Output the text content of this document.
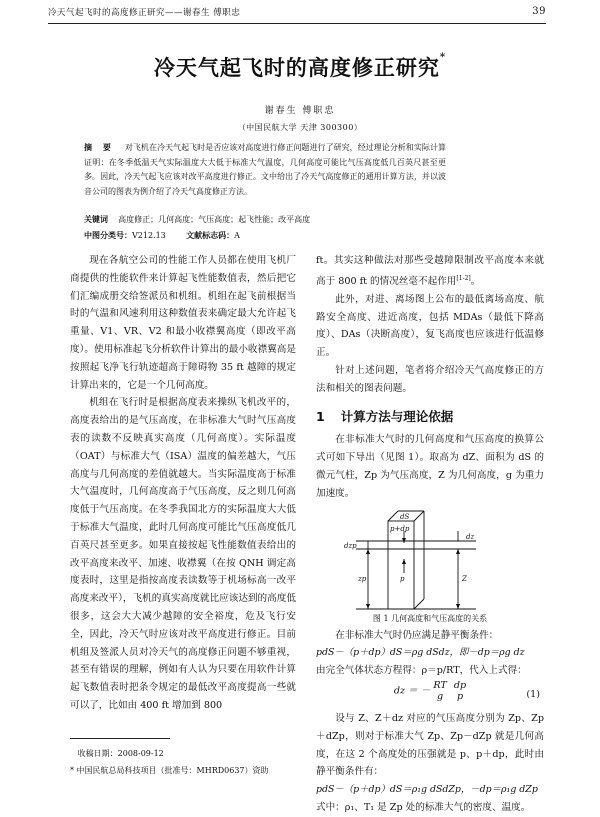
冷天气起飞时的高度修正研究——谢春生 傅职忠	39
冷天气起飞时的高度修正研究*
谢春生 傅职忠
（中国民航大学 天津 300300）
摘 要 对飞机在冷天气起飞时是否应该对高度进行修正问题进行了研究，经过理论分析和实际计算证明：在冬季低温天气实际温度大大低于标准大气温度，几何高度可能比气压高度低几百英尺甚至更多。因此，冷天气起飞应该对改平高度进行修正。文中给出了冷天气高度修正的通用计算方法，并以波音公司的图表为例介绍了冷天气高度修正方法。
关键词 高度修正；几何高度；气压高度；起飞性能；改平高度
中图分类号：V212.13	文献标志码：A

现在各航空公司的性能工作人员都在使用飞机厂商提供的性能软件来计算起飞性能数值表，然后把它们汇编成册交给签派员和机组。机组在起飞前根据当时的气温和风速利用这种数值表来确定最大允许起飞重量、V1、VR、V2 和最小收襟翼高度（即改平高度）。使用标准起飞分析软件计算出的最小收襟翼高是按照起飞净飞行轨迹超高于障碍物 35 ft 越障的规定计算出来的，它是一个几何高度。

机组在飞行时是根据高度表来操纵飞机改平的，高度表给出的是气压高度，在非标准大气时气压高度表的读数不反映真实高度（几何高度）。实际温度（OAT）与标准大气（ISA）温度的偏差越大，气压高度与几何高度的差值就越大。当实际温度高于标准大气温度时，几何高度高于气压高度，反之则几何高度低于气压高度。在冬季我国北方的实际温度大大低于标准大气温度，此时几何高度可能比气压高度低几百英尺甚至更多。如果直接按起飞性能数值表给出的改平高度来改平、加速、收襟翼（在按 QNH 调定高度表时，这里是指按高度表读数等于机场标高一改平高度来改平），飞机的真实高度就比应该达到的高度低很多，这会大大减少越障的安全裕度，危及飞行安全，因此，冷天气时应该对改平高度进行修正。目前机组及签派人员对冷天气的高度修正问题不够重视，甚至有错误的理解，例如有人认为只要在用软件计算起飞数值表时把条令规定的最低改平高度提高一些就可以了，比如由 400 ft 增加到 800

ft。其实这种做法对那些受越障限制改平高度本来就高于 800 ft 的情况丝毫不起作用[1-2]。

此外，对进、离场图上公布的最低离场高度、航路安全高度、进近高度，包括 MDAs（最低下降高度）、DAs（决断高度），复飞高度也应该进行低温修正。

针对上述问题，笔者将介绍冷天气高度修正的方法和相关的图表问题。

1 计算方法与理论依据

在非标准大气时的几何高度和气压高度的换算公式可如下导出（见图 1）。取高为 dZ、面积为 dS 的微元气柱，Zp 为气压高度，Z 为几何高度，g 为重力加速度。

dS
p+dp
dzp
dz
zp	p	Z
图 1 几何高度和气压高度的关系

在非标准大气时仍应满足静平衡条件：

pdS－（p＋dp）dS＝ρg dSdz，即－dp＝ρg dz

由完全气体状态方程得：ρ＝p/RT，代入上式得：

dz ＝ － RT
g

dp
p	(1)

设与 Z、Z＋dz 对应的气压高度分别为 Zp、Zp＋dZp，则对于标准大气 Zp、Zp－dZp 就是几何高度，在这 2 个高度处的压强就是 p、p＋dp，此时由静平衡条件有：

pdS－（p＋dp）dS＝ρ₁g dSdZp，－dp＝ρ₁g dZp

式中：ρ₁、T₁ 是 Zp 处的标准大气的密度、温度。

收稿日期：2008-09-12
* 中国民航总局科技项目（批准号：MHRD0637）资助
